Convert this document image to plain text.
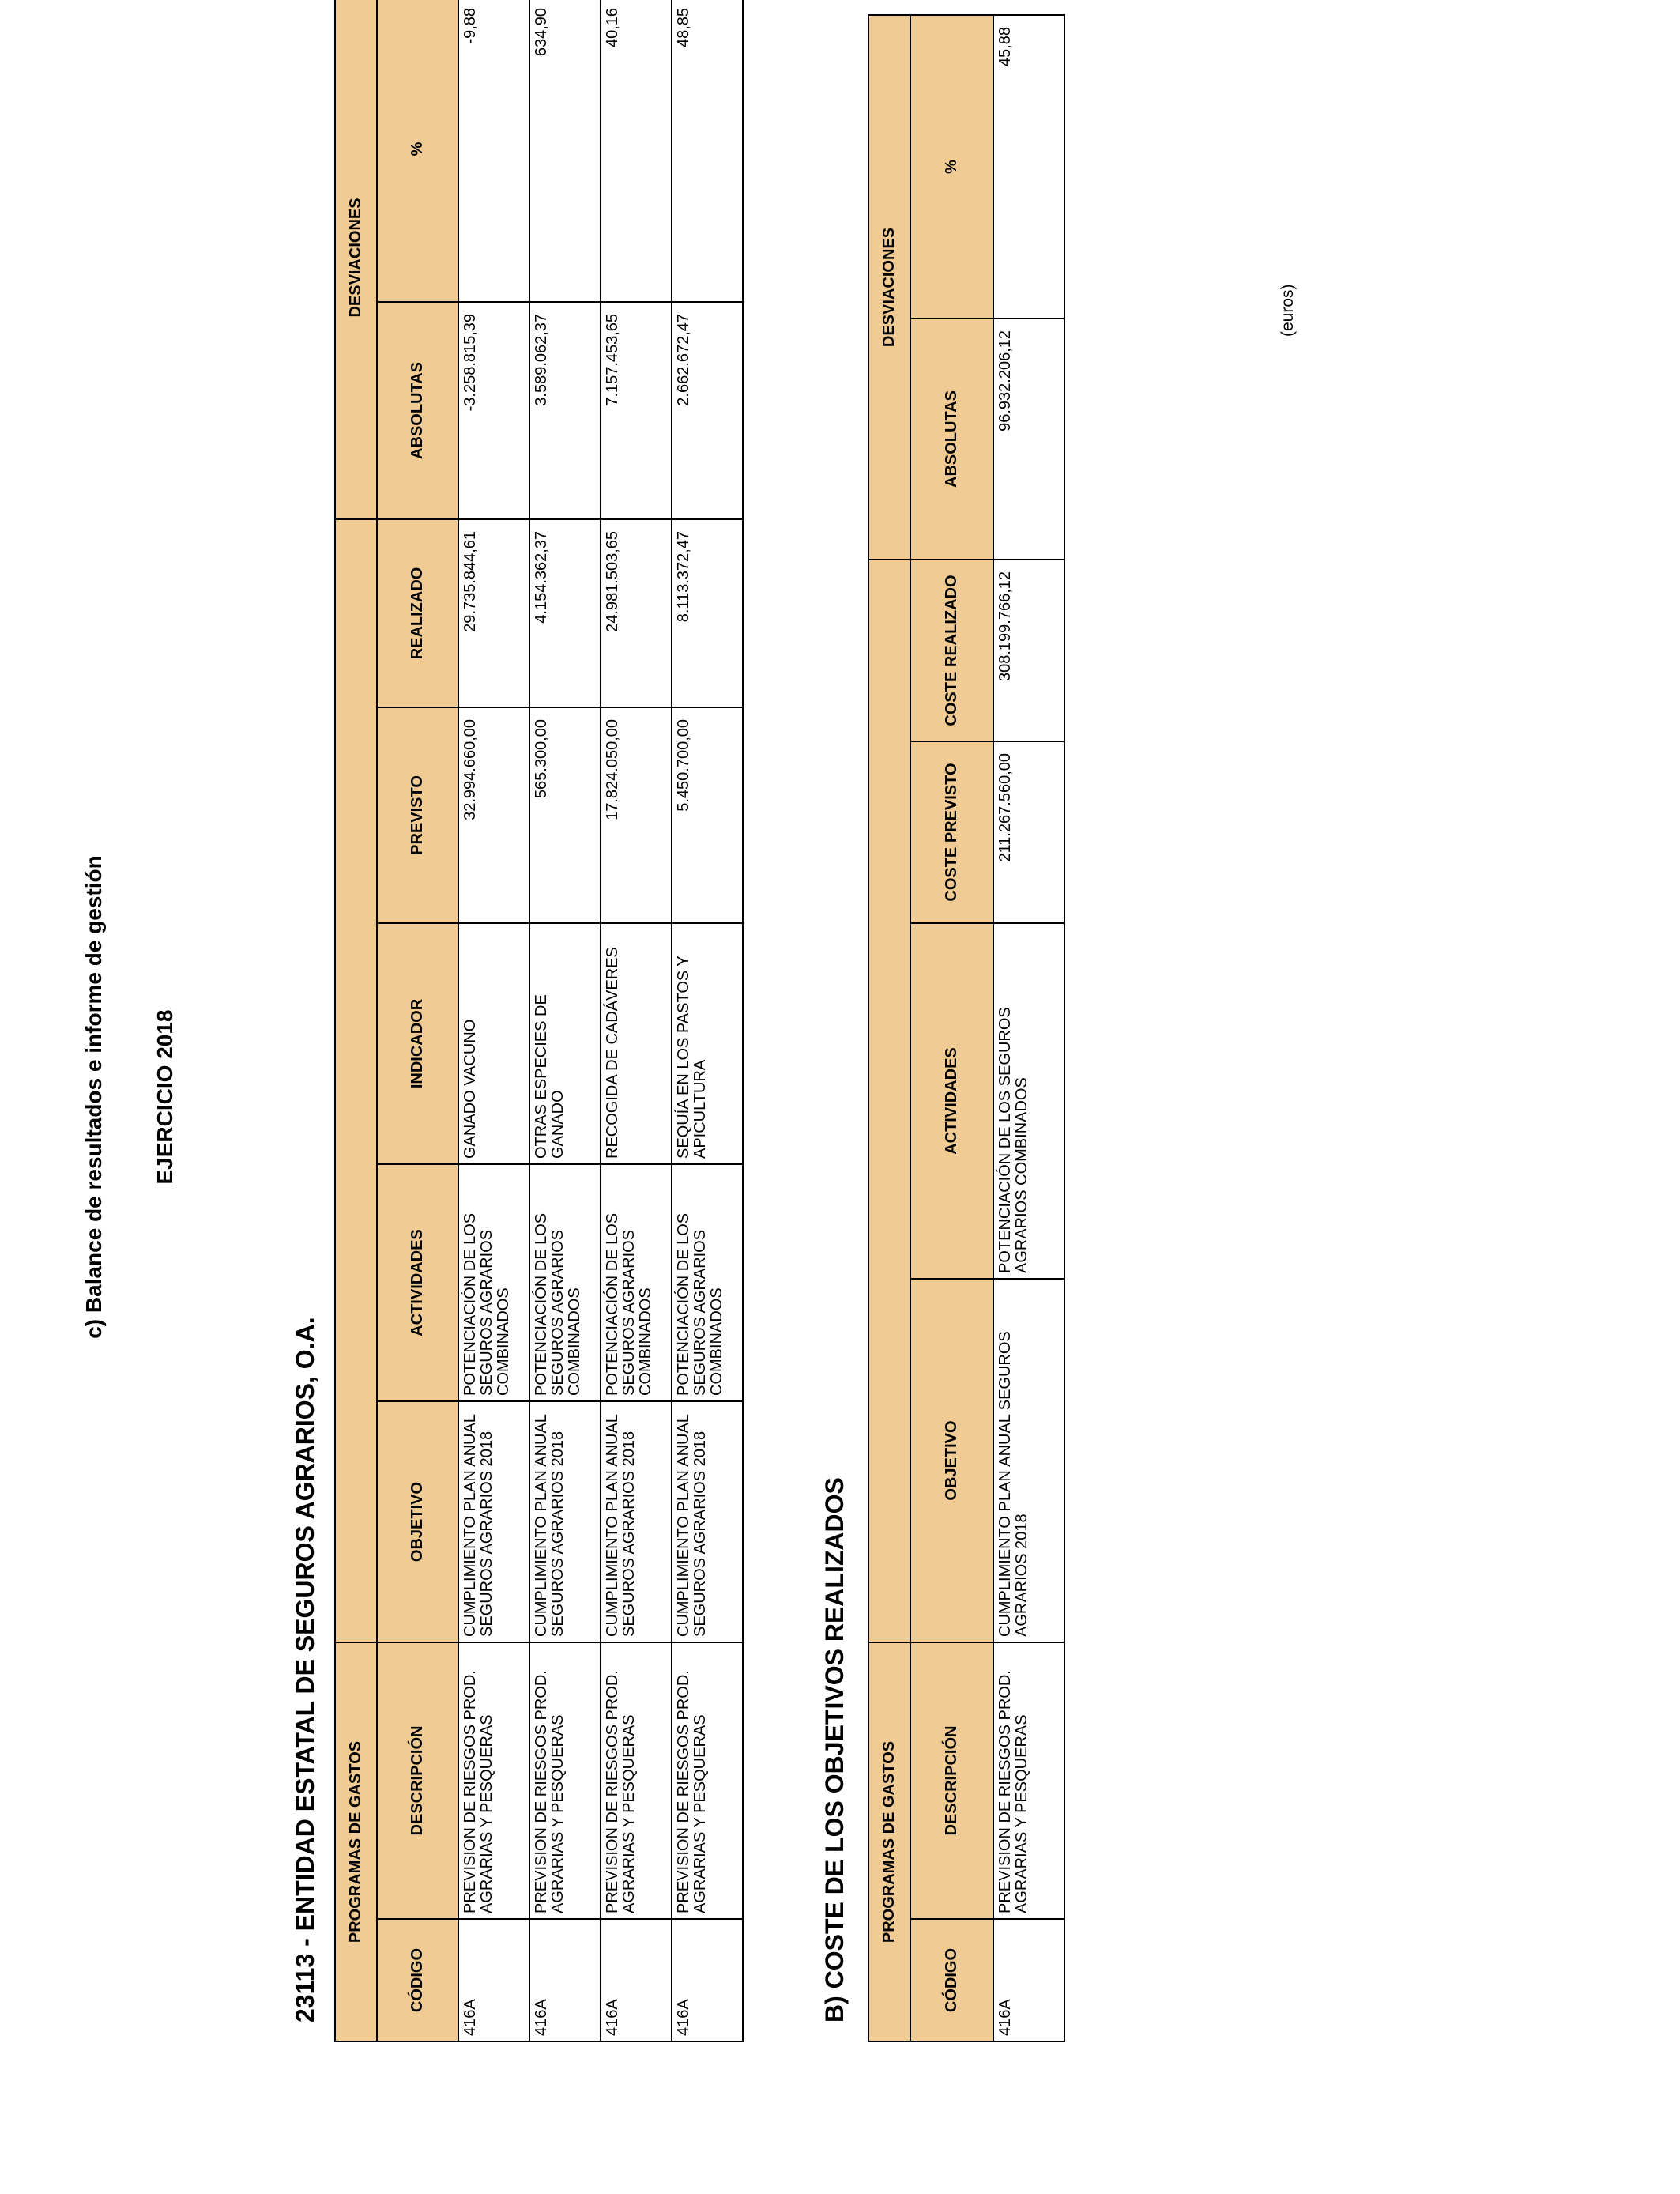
c) Balance de resultados e informe de gestión EJERCICIO 2018
23113 - ENTIDAD ESTATAL DE SEGUROS AGRARIOS, O.A.
(euros)
PROGRAMAS DE GASTOS							DESVIACIONES	
CÓDIGO	DESCRIPCIÓN	OBJETIVO	ACTIVIDADES	INDICADOR	PREVISTO	REALIZADO	ABSOLUTAS	%
416A	PREVISION DE RIESGOS PROD. AGRARIAS Y PESQUERAS	CUMPLIMIENTO PLAN ANUAL SEGUROS AGRARIOS 2018	POTENCIACIÓN DE LOS SEGUROS AGRARIOS COMBINADOS	GANADO VACUNO	32.994.660,00	29.735.844,61	-3.258.815,39	-9,88
416A	PREVISION DE RIESGOS PROD. AGRARIAS Y PESQUERAS	CUMPLIMIENTO PLAN ANUAL SEGUROS AGRARIOS 2018	POTENCIACIÓN DE LOS SEGUROS AGRARIOS COMBINADOS	OTRAS ESPECIES DE GANADO	565.300,00	4.154.362,37	3.589.062,37	634,90
416A	PREVISION DE RIESGOS PROD. AGRARIAS Y PESQUERAS	CUMPLIMIENTO PLAN ANUAL SEGUROS AGRARIOS 2018	POTENCIACIÓN DE LOS SEGUROS AGRARIOS COMBINADOS	RECOGIDA DE CADÁVERES	17.824.050,00	24.981.503,65	7.157.453,65	40,16
416A	PREVISION DE RIESGOS PROD. AGRARIAS Y PESQUERAS	CUMPLIMIENTO PLAN ANUAL SEGUROS AGRARIOS 2018	POTENCIACIÓN DE LOS SEGUROS AGRARIOS COMBINADOS	SEQUÍA EN LOS PASTOS Y APICULTURA	5.450.700,00	8.113.372,47	2.662.672,47	48,85
B) COSTE DE LOS OBJETIVOS REALIZADOS PROGRAMAS DE GASTOS						DESVIACIONES	
CÓDIGO	DESCRIPCIÓN	OBJETIVO	ACTIVIDADES	COSTE PREVISTO	COSTE REALIZADO	ABSOLUTAS	%
416A	PREVISION DE RIESGOS PROD. AGRARIAS Y PESQUERAS	CUMPLIMIENTO PLAN ANUAL SEGUROS AGRARIOS 2018	POTENCIACIÓN DE LOS SEGUROS AGRARIOS COMBINADOS	211.267.560,00	308.199.766,12	96.932.206,12	45,88
